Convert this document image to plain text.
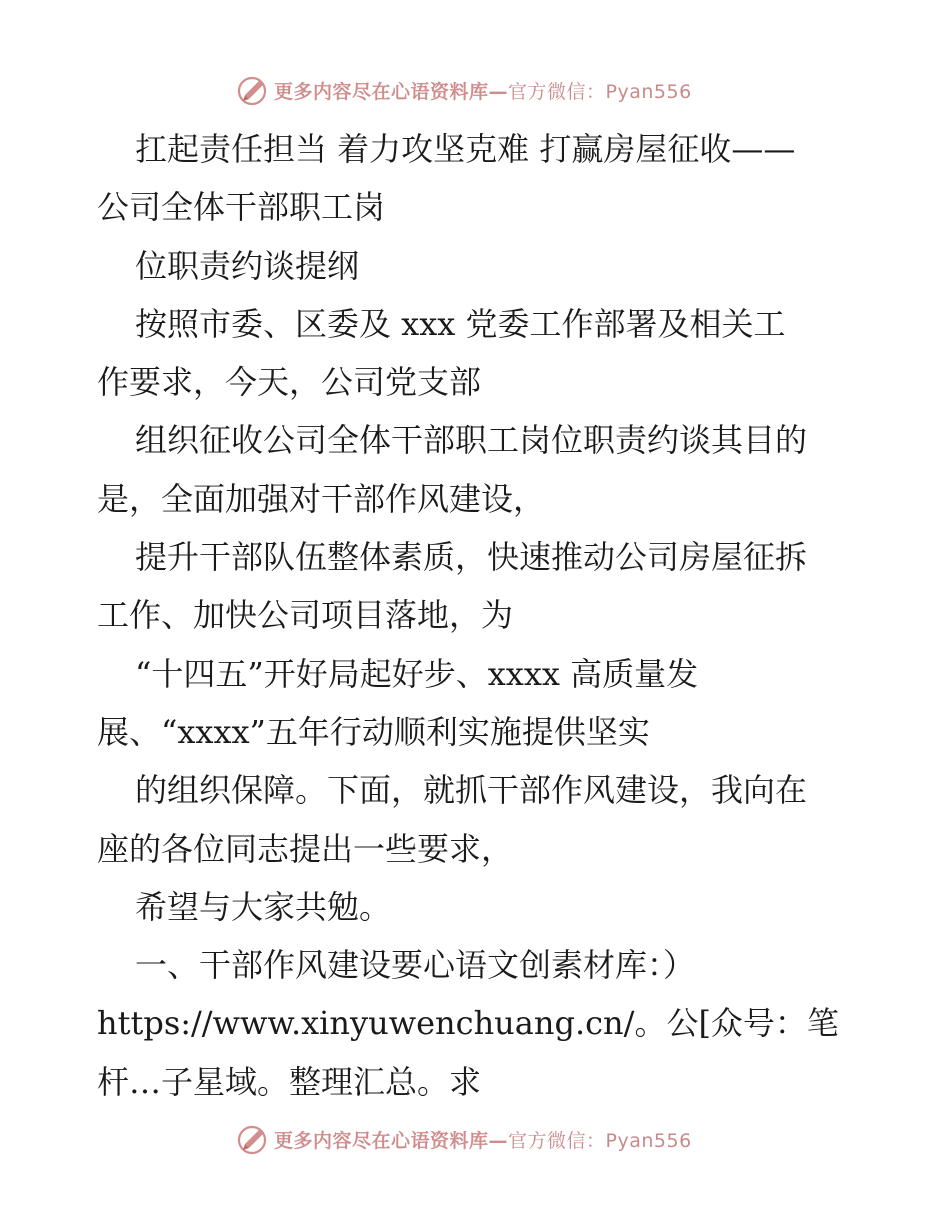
更多内容尽在心语资料库— 官方微信：Pyan556
扛起责任担当 着力攻坚克难 打赢房屋征收——
公司全体干部职工岗
位职责约谈提纲
按照市委、区委及 xxx 党委工作部署及相关工
作要求，今天，公司党支部
组织征收公司全体干部职工岗位职责约谈其目的
是，全面加强对干部作风建设，
提升干部队伍整体素质，快速推动公司房屋征拆
工作、加快公司项目落地，为
“十四五”开好局起好步、xxxx 高质量发
展、“xxxx”五年行动顺利实施提供坚实
的组织保障。下面，就抓干部作风建设，我向在
座的各位同志提出一些要求，
希望与大家共勉。
一、干部作风建设要心语文创素材库：）
https://www.xinyuwenchuang.cn/。公[众号：笔
杆…子星域。整理汇总。求
更多内容尽在心语资料库— 官方微信：Pyan556
